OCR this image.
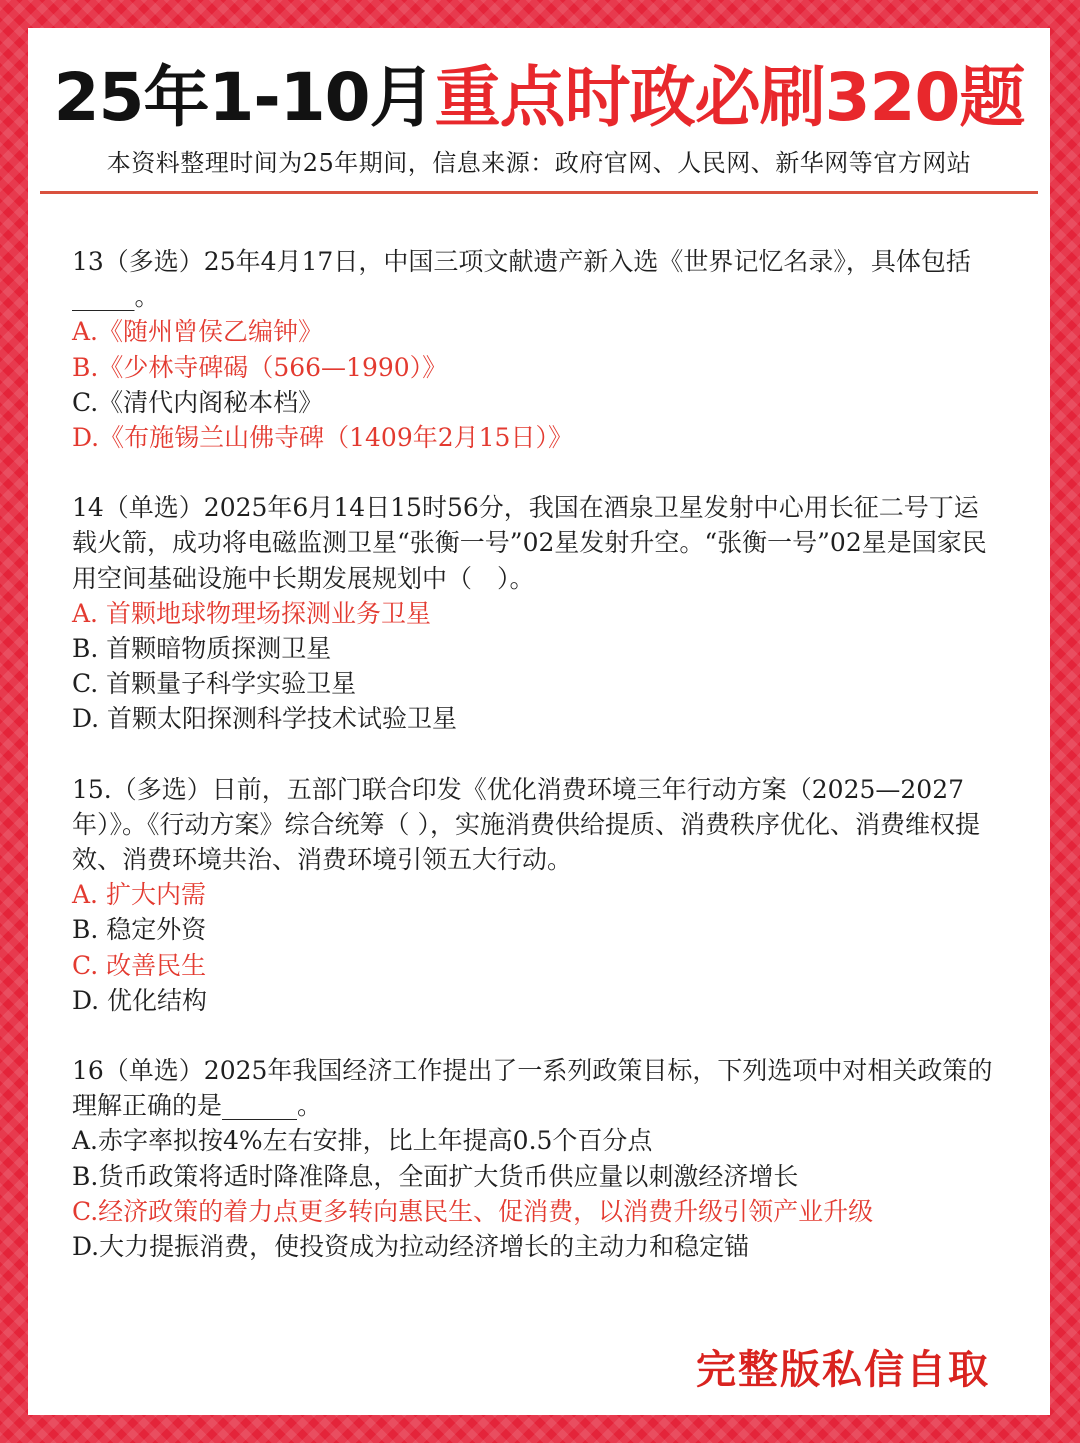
25年1-10月重点时政必刷320题
本资料整理时间为25年期间，信息来源：政府官网、人民网、新华网等官方网站
13（多选）25年4月17日，中国三项文献遗产新入选《世界记忆名录》，具体包括_____。
A.《随州曾侯乙编钟》
B.《少林寺碑碣（566—1990）》
C.《清代内阁秘本档》
D.《布施锡兰山佛寺碑（1409年2月15日）》
14（单选）2025年6月14日15时56分，我国在酒泉卫星发射中心用长征二号丁运载火箭，成功将电磁监测卫星“张衡一号”02星发射升空。“张衡一号”02星是国家民用空间基础设施中长期发展规划中（　）。
A. 首颗地球物理场探测业务卫星
B. 首颗暗物质探测卫星
C. 首颗量子科学实验卫星
D. 首颗太阳探测科学技术试验卫星
15.（多选）日前，五部门联合印发《优化消费环境三年行动方案（2025—2027 年）》。《行动方案》综合统筹（ ），实施消费供给提质、消费秩序优化、消费维权提效、消费环境共治、消费环境引领五大行动。
A. 扩大内需
B. 稳定外资
C. 改善民生
D. 优化结构
16（单选）2025年我国经济工作提出了一系列政策目标，下列选项中对相关政策的理解正确的是______。
A.赤字率拟按4%左右安排，比上年提高0.5个百分点
B.货币政策将适时降准降息，全面扩大货币供应量以刺激经济增长
C.经济政策的着力点更多转向惠民生、促消费，以消费升级引领产业升级
D.大力提振消费，使投资成为拉动经济增长的主动力和稳定锚
完整版私信自取
